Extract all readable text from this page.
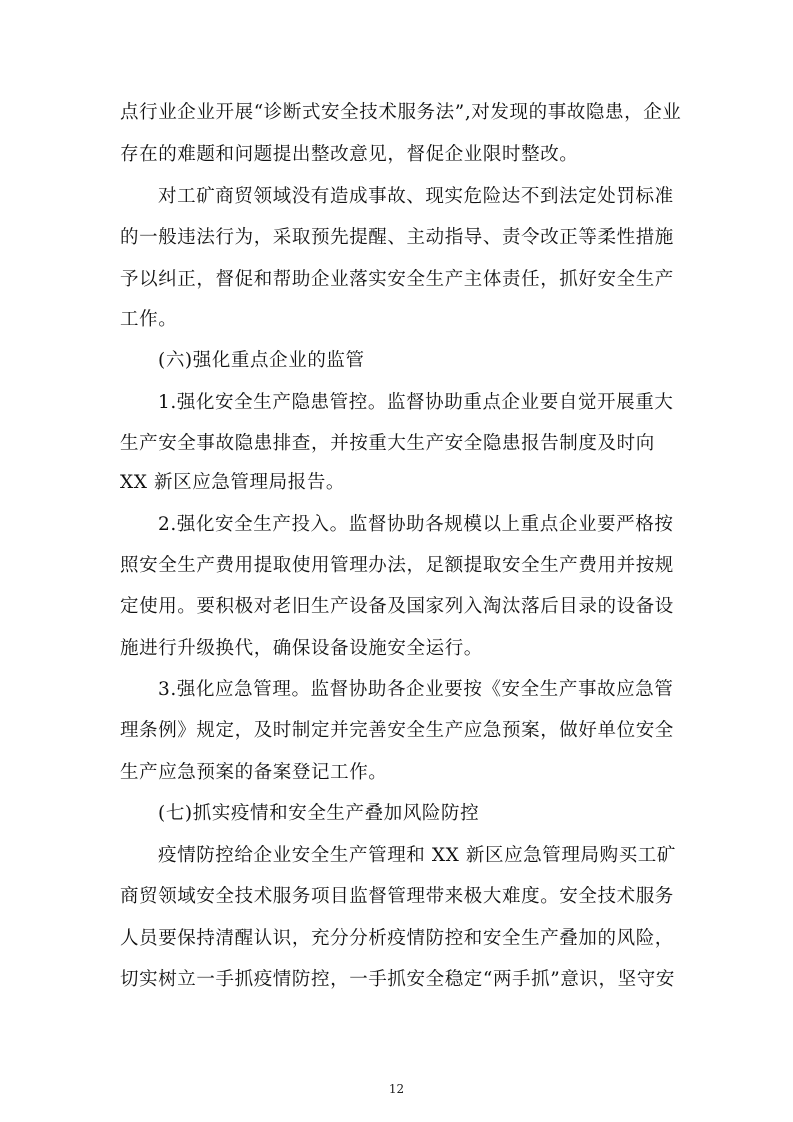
点行业企业开展“诊断式安全技术服务法”,对发现的事故隐患，企业
存在的难题和问题提出整改意见，督促企业限时整改。
对工矿商贸领域没有造成事故、现实危险达不到法定处罚标准
的一般违法行为，采取预先提醒、主动指导、责令改正等柔性措施
予以纠正，督促和帮助企业落实安全生产主体责任，抓好安全生产
工作。
(六)强化重点企业的监管
1.强化安全生产隐患管控。监督协助重点企业要自觉开展重大
生产安全事故隐患排查，并按重大生产安全隐患报告制度及时向
XX 新区应急管理局报告。
2.强化安全生产投入。监督协助各规模以上重点企业要严格按
照安全生产费用提取使用管理办法，足额提取安全生产费用并按规
定使用。要积极对老旧生产设备及国家列入淘汰落后目录的设备设
施进行升级换代，确保设备设施安全运行。
3.强化应急管理。监督协助各企业要按《安全生产事故应急管
理条例》规定，及时制定并完善安全生产应急预案，做好单位安全
生产应急预案的备案登记工作。
(七)抓实疫情和安全生产叠加风险防控
疫情防控给企业安全生产管理和 XX 新区应急管理局购买工矿
商贸领域安全技术服务项目监督管理带来极大难度。安全技术服务
人员要保持清醒认识，充分分析疫情防控和安全生产叠加的风险，
切实树立一手抓疫情防控，一手抓安全稳定“两手抓”意识，坚守安
12
